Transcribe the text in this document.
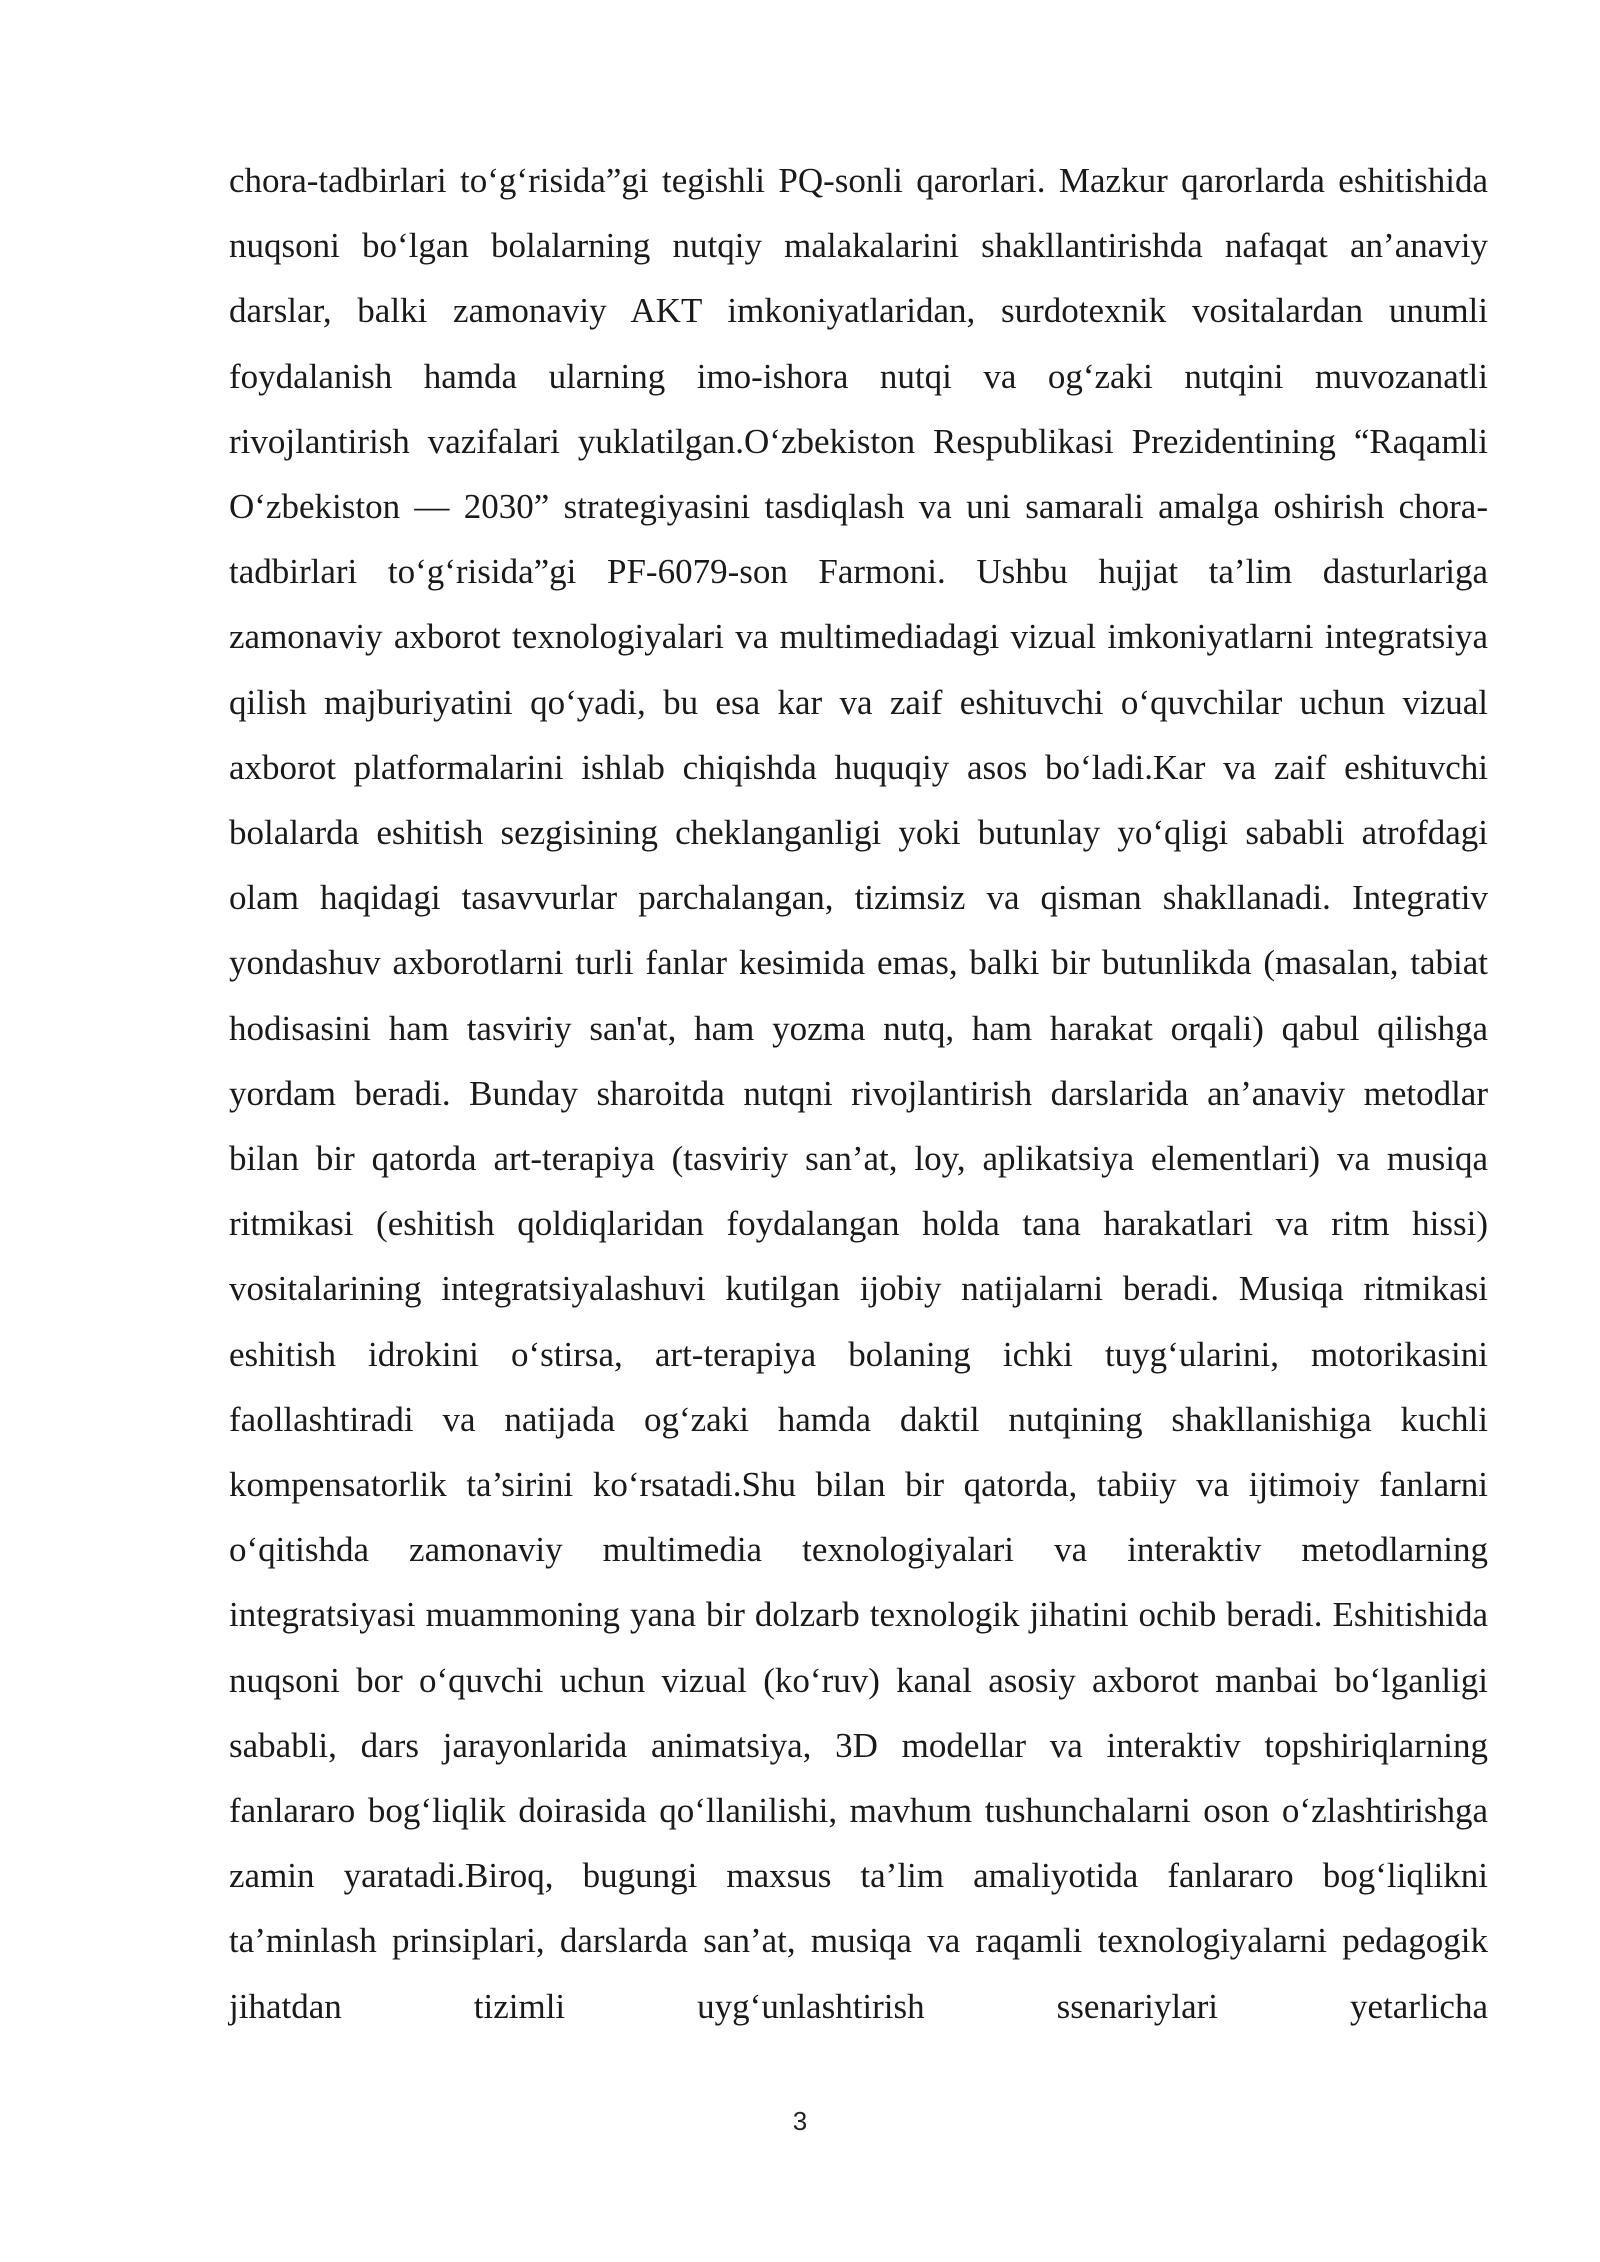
chora-tadbirlari to‘g‘risida”gi tegishli PQ-sonli qarorlari. Mazkur qarorlarda eshitishida nuqsoni bo‘lgan bolalarning nutqiy malakalarini shakllantirishda nafaqat an’anaviy darslar, balki zamonaviy AKT imkoniyatlaridan, surdotexnik vositalardan unumli foydalanish hamda ularning imo-ishora nutqi va og‘zaki nutqini muvozanatli rivojlantirish vazifalari yuklatilgan.O‘zbekiston Respublikasi Prezidentining “Raqamli O‘zbekiston — 2030” strategiyasini tasdiqlash va uni samarali amalga oshirish chora-tadbirlari to‘g‘risida”gi PF-6079-son Farmoni. Ushbu hujjat ta’lim dasturlariga zamonaviy axborot texnologiyalari va multimediadagi vizual imkoniyatlarni integratsiya qilish majburiyatini qo‘yadi, bu esa kar va zaif eshituvchi o‘quvchilar uchun vizual axborot platformalarini ishlab chiqishda huquqiy asos bo‘ladi.Kar va zaif eshituvchi bolalarda eshitish sezgisining cheklanganligi yoki butunlay yo‘qligi sababli atrofdagi olam haqidagi tasavvurlar parchalangan, tizimsiz va qisman shakllanadi. Integrativ yondashuv axborotlarni turli fanlar kesimida emas, balki bir butunlikda (masalan, tabiat hodisasini ham tasviriy san'at, ham yozma nutq, ham harakat orqali) qabul qilishga yordam beradi. Bunday sharoitda nutqni rivojlantirish darslarida an’anaviy metodlar bilan bir qatorda art-terapiya (tasviriy san’at, loy, aplikatsiya elementlari) va musiqa ritmikasi (eshitish qoldiqlaridan foydalangan holda tana harakatlari va ritm hissi) vositalarining integratsiyalashuvi kutilgan ijobiy natijalarni beradi. Musiqa ritmikasi eshitish idrokini o‘stirsa, art-terapiya bolaning ichki tuyg‘ularini, motorikasini faollashtiradi va natijada og‘zaki hamda daktil nutqining shakllanishiga kuchli kompensatorlik ta’sirini ko‘rsatadi.Shu bilan bir qatorda, tabiiy va ijtimoiy fanlarni o‘qitishda zamonaviy multimedia texnologiyalari va interaktiv metodlarning integratsiyasi muammoning yana bir dolzarb texnologik jihatini ochib beradi. Eshitishida nuqsoni bor o‘quvchi uchun vizual (ko‘ruv) kanal asosiy axborot manbai bo‘lganligi sababli, dars jarayonlarida animatsiya, 3D modellar va interaktiv topshiriqlarning fanlararo bog‘liqlik doirasida qo‘llanilishi, mavhum tushunchalarni oson o‘zlashtirishga zamin yaratadi.Biroq, bugungi maxsus ta’lim amaliyotida fanlararo bog‘liqlikni ta’minlash prinsiplari, darslarda san’at, musiqa va raqamli texnologiyalarni pedagogik jihatdan tizimli uyg‘unlashtirish ssenariylari yetarlicha

3
